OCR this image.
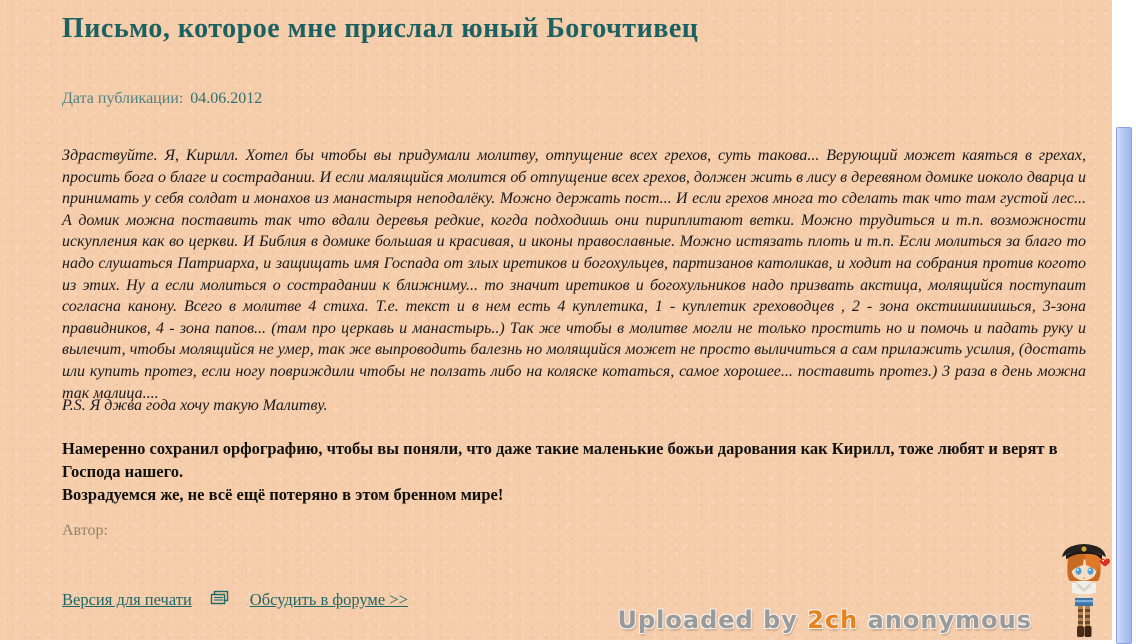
Письмо, которое мне прислал юный Богочтивец
Дата публикации: 04.06.2012
Здраствуйте. Я, Кирилл. Хотел бы чтобы вы придумали молитву, отпущение всех грехов, суть такова... Верующий может каяться в грехах, просить бога о благе и сострадании. И если малящийся молится об отпущение всех грехов, должен жить в лису в деревяном домике иоколо дварца и принимать у себя солдат и монахов из манастыря неподалёку. Можно держать пост... И если грехов многа то сделать так что там густой лес... А домик можна поставить так что вдали деревья редкие, когда подходишь они пириплитают ветки. Можно трудиться и т.п. возможности искупления как во церкви. И Библия в домике большая и красивая, и иконы православные. Можно истязать плоть и т.п. Если молиться за благо то надо слушаться Патриарха, и защищать имя Госпада от злых иретиков и богохульцев, партизанов католикав, и ходит на собрания против когото из этих. Ну а если молиться о сострадании к ближниму... то значит иретиков и богохульников надо призвать акстица, молящийся поступаит согласна канону. Всего в молитве 4 стиха. Т.е. текст и в нем есть 4 куплетика, 1 - куплетик греховодцев , 2 - зона окстишишишься, 3-зона правидников, 4 - зона папов... (там про церкавь и манастырь..) Так же чтобы в молитве могли не только простить но и помочь и падать руку и вылечит, чтобы молящийся не умер, так же выпроводить балезнь но молящийся может не просто выличиться а сам прилажить усилия, (достать или купить протез, если ногу повриждили чтобы не ползать либо на коляске котаться, самое хорошее... поставить протез.) 3 раза в день можна так малица....
P.S. Я джва года хочу такую Малитву.
Намеренно сохранил орфографию, чтобы вы поняли, что даже такие маленькие божьи дарования как Кирилл, тоже любят и верят в Господа нашего.
Возрадуемся же, не всё ещё потеряно в этом бренном мире!
Автор:
Версия для печати	Обсудить в форуме >>
Uploaded by 2ch anonymous
